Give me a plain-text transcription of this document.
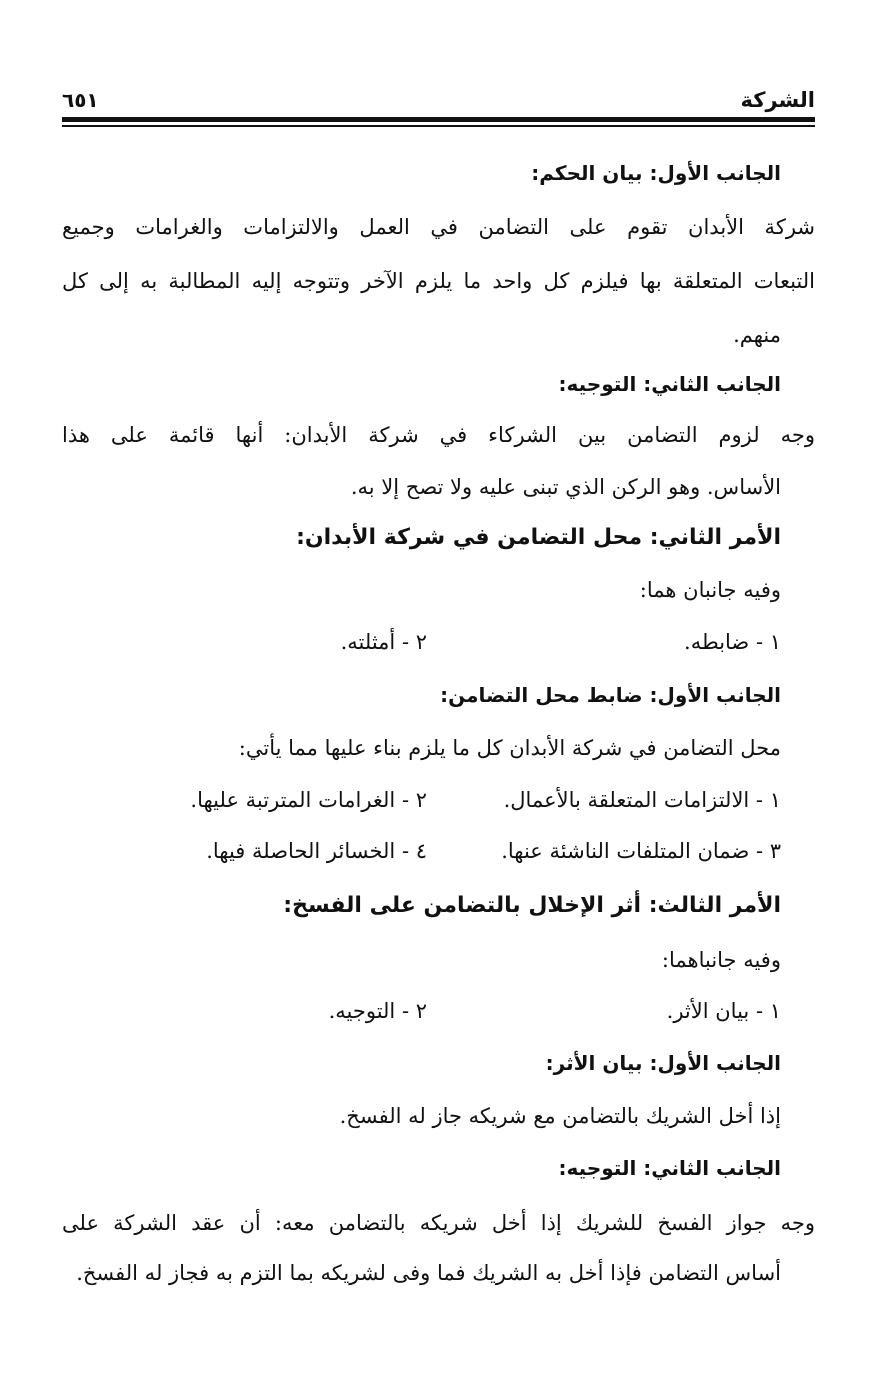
الشركة
٦٥١
الجانب الأول: بيان الحكم:
شركة الأبدان تقوم على التضامن في العمل والالتزامات والغرامات وجميع
التبعات المتعلقة بها فيلزم كل واحد ما يلزم الآخر وتتوجه إليه المطالبة به إلى كل
منهم.
الجانب الثاني: التوجيه:
وجه لزوم التضامن بين الشركاء في شركة الأبدان: أنها قائمة على هذا
الأساس. وهو الركن الذي تبنى عليه ولا تصح إلا به.
الأمر الثاني: محل التضامن في شركة الأبدان:
وفيه جانبان هما:
١ - ضابطه.
٢ - أمثلته.
الجانب الأول: ضابط محل التضامن:
محل التضامن في شركة الأبدان كل ما يلزم بناء عليها مما يأتي:
١ - الالتزامات المتعلقة بالأعمال.
٢ - الغرامات المترتبة عليها.
٣ - ضمان المتلفات الناشئة عنها.
٤ - الخسائر الحاصلة فيها.
الأمر الثالث: أثر الإخلال بالتضامن على الفسخ:
وفيه جانباهما:
١ - بيان الأثر.
٢ - التوجيه.
الجانب الأول: بيان الأثر:
إذا أخل الشريك بالتضامن مع شريكه جاز له الفسخ.
الجانب الثاني: التوجيه:
وجه جواز الفسخ للشريك إذا أخل شريكه بالتضامن معه: أن عقد الشركة على
أساس التضامن فإذا أخل به الشريك فما وفى لشريكه بما التزم به فجاز له الفسخ.
